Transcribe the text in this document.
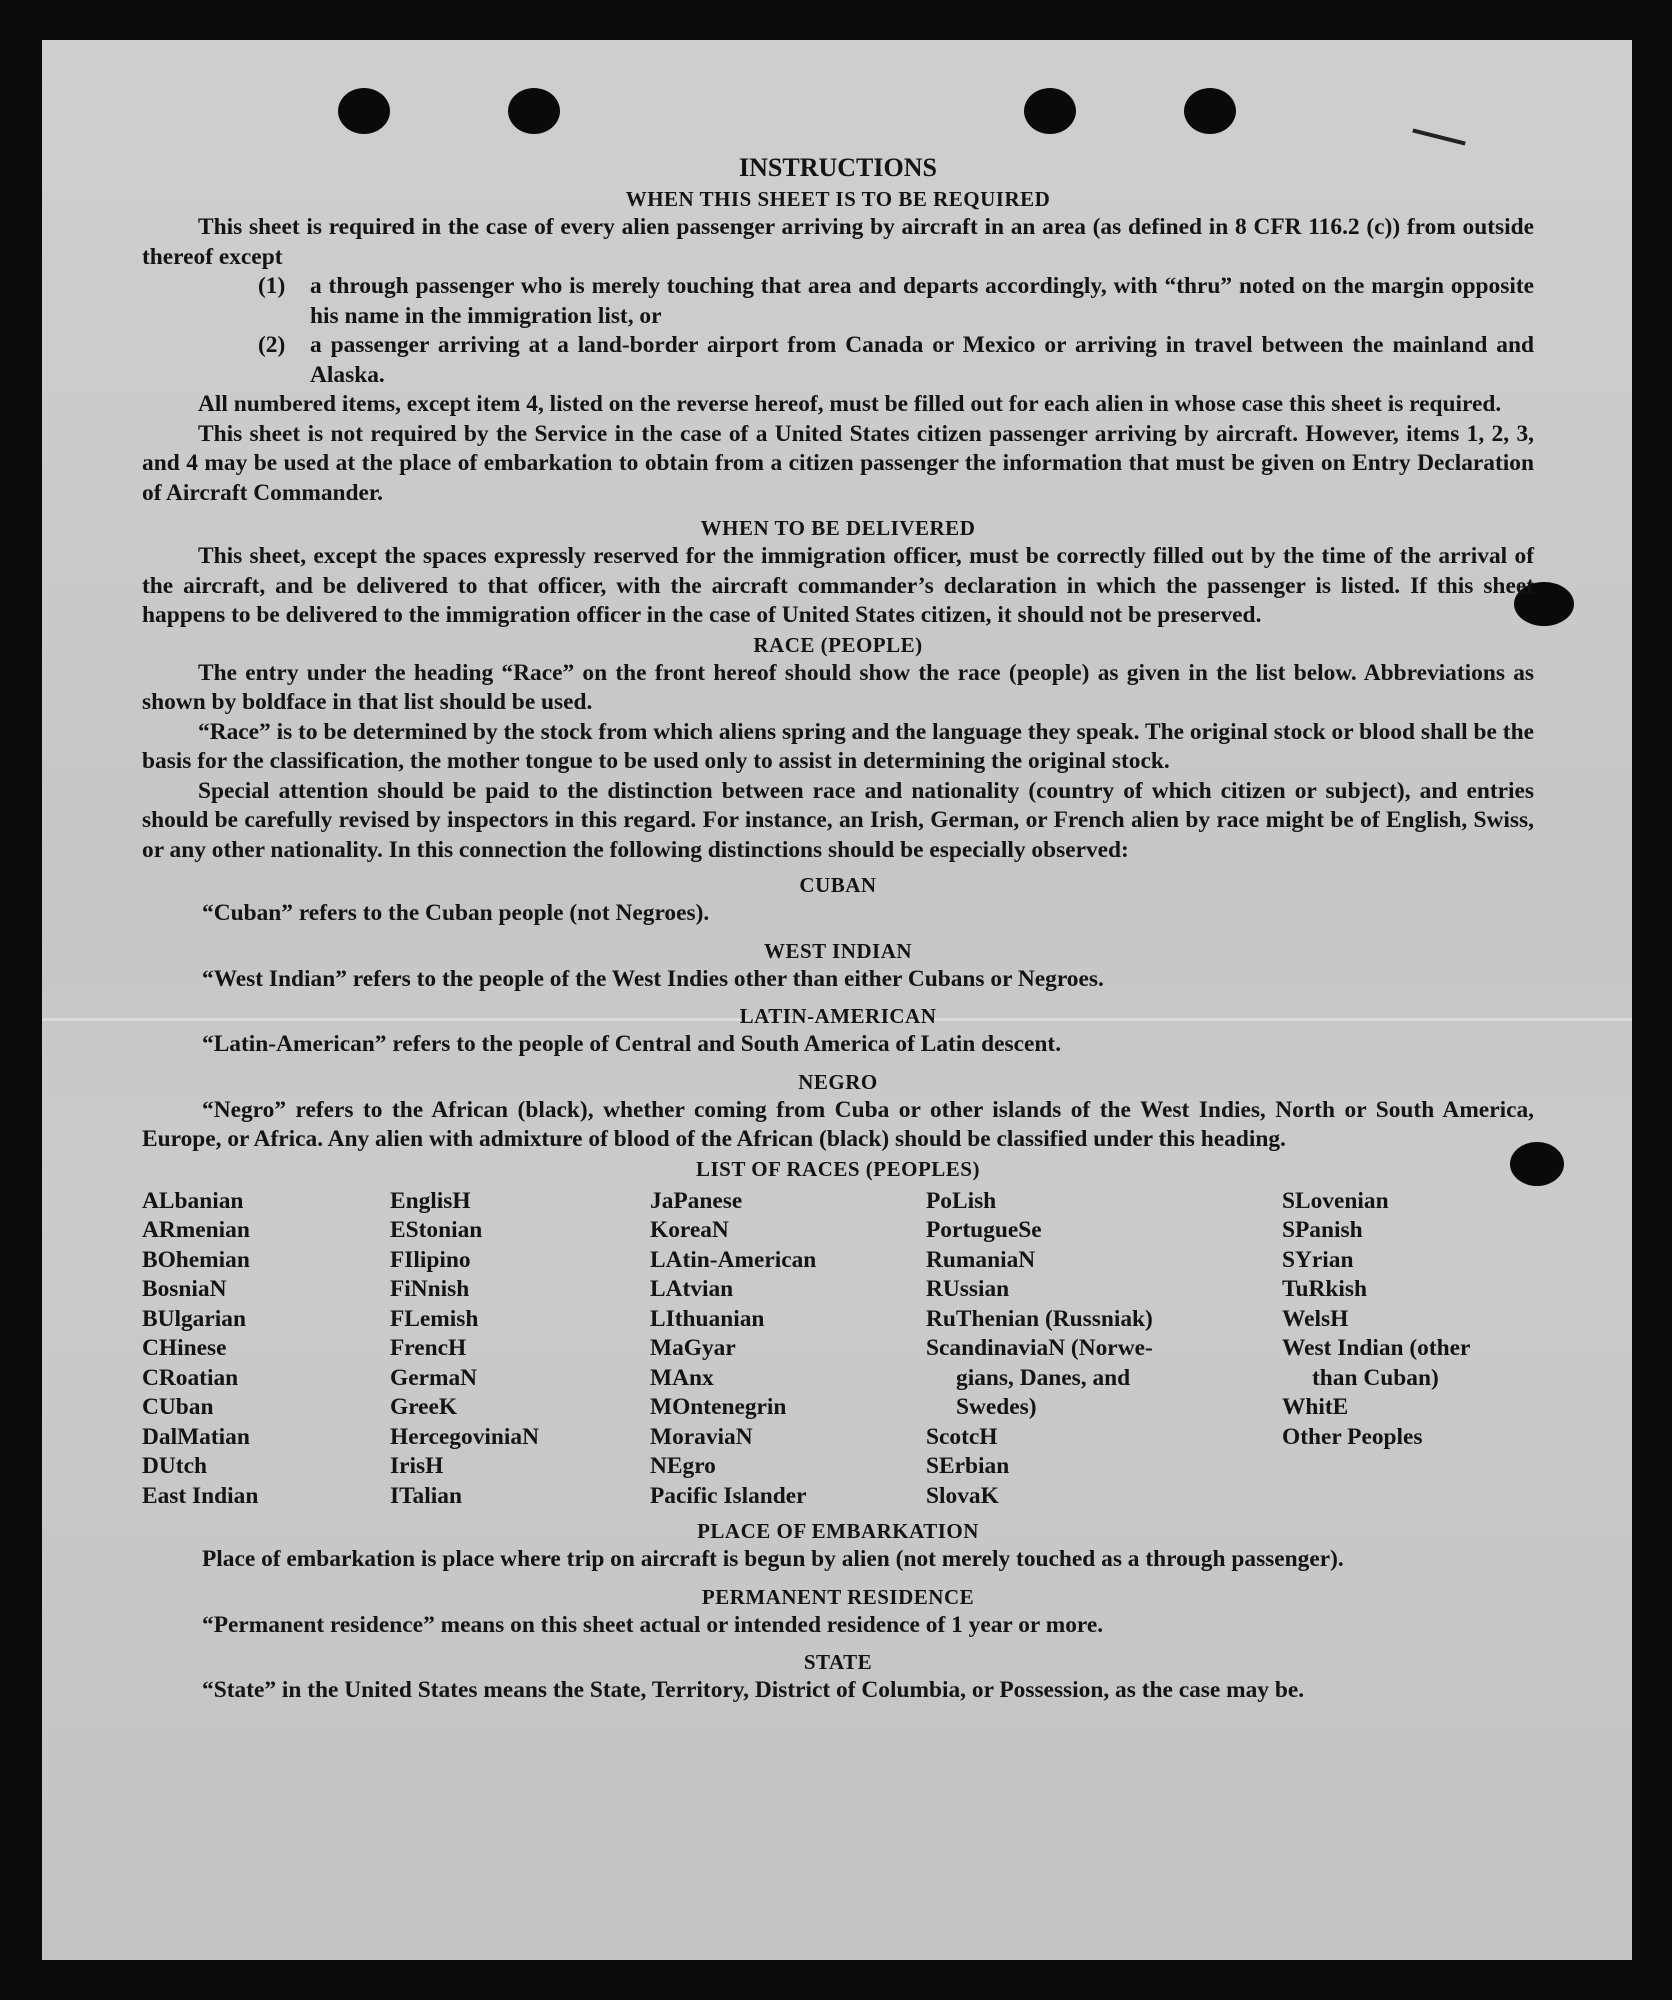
INSTRUCTIONS
WHEN THIS SHEET IS TO BE REQUIRED

This sheet is required in the case of every alien passenger arriving by aircraft in an area (as defined in 8 CFR 116.2 (c)) from outside thereof except

(1)	a through passenger who is merely touching that area and departs accordingly, with “thru” noted on the margin opposite his name in the immigration list, or
(2)	a passenger arriving at a land-border airport from Canada or Mexico or arriving in travel between the mainland and Alaska.

All numbered items, except item 4, listed on the reverse hereof, must be filled out for each alien in whose case this sheet is required.

This sheet is not required by the Service in the case of a United States citizen passenger arriving by aircraft. However, items 1, 2, 3, and 4 may be used at the place of embarkation to obtain from a citizen passenger the information that must be given on Entry Declaration of Aircraft Commander.

WHEN TO BE DELIVERED

This sheet, except the spaces expressly reserved for the immigration officer, must be correctly filled out by the time of the arrival of the aircraft, and be delivered to that officer, with the aircraft commander’s declaration in which the passenger is listed. If this sheet happens to be delivered to the immigration officer in the case of United States citizen, it should not be preserved.

RACE (PEOPLE)

The entry under the heading “Race” on the front hereof should show the race (people) as given in the list below. Abbreviations as shown by boldface in that list should be used.

“Race” is to be determined by the stock from which aliens spring and the language they speak. The original stock or blood shall be the basis for the classification, the mother tongue to be used only to assist in determining the original stock.

Special attention should be paid to the distinction between race and nationality (country of which citizen or subject), and entries should be carefully revised by inspectors in this regard. For instance, an Irish, German, or French alien by race might be of English, Swiss, or any other nationality. In this connection the following distinctions should be especially observed:

CUBAN

“Cuban” refers to the Cuban people (not Negroes).

WEST INDIAN

“West Indian” refers to the people of the West Indies other than either Cubans or Negroes.

LATIN-AMERICAN

“Latin-American” refers to the people of Central and South America of Latin descent.

NEGRO

“Negro” refers to the African (black), whether coming from Cuba or other islands of the West Indies, North or South America, Europe, or Africa. Any alien with admixture of blood of the African (black) should be classified under this heading.

LIST OF RACES (PEOPLES)
ALbanian
ARmenian
BOhemian
BosniaN
BUlgarian
CHinese
CRoatian
CUban
DalMatian
DUtch
East Indian
EnglisH
EStonian
FIlipino
FiNnish
FLemish
FrencH
GermaN
GreeK
HercegoviniaN
IrisH
ITalian
JaPanese
KoreaN
LAtin-American
LAtvian
LIthuanian
MaGyar
MAnx
MOntenegrin
MoraviaN
NEgro
Pacific Islander
PoLish
PortugueSe
RumaniaN
RUssian
RuThenian (Russniak)
ScandinaviaN (Norwe-
gians, Danes, and
Swedes)
ScotcH
SErbian
SlovaK
SLovenian
SPanish
SYrian
TuRkish
WelsH
West Indian (other
than Cuban)
WhitE
Other Peoples
PLACE OF EMBARKATION

Place of embarkation is place where trip on aircraft is begun by alien (not merely touched as a through passenger).

PERMANENT RESIDENCE

“Permanent residence” means on this sheet actual or intended residence of 1 year or more.

STATE

“State” in the United States means the State, Territory, District of Columbia, or Possession, as the case may be.
